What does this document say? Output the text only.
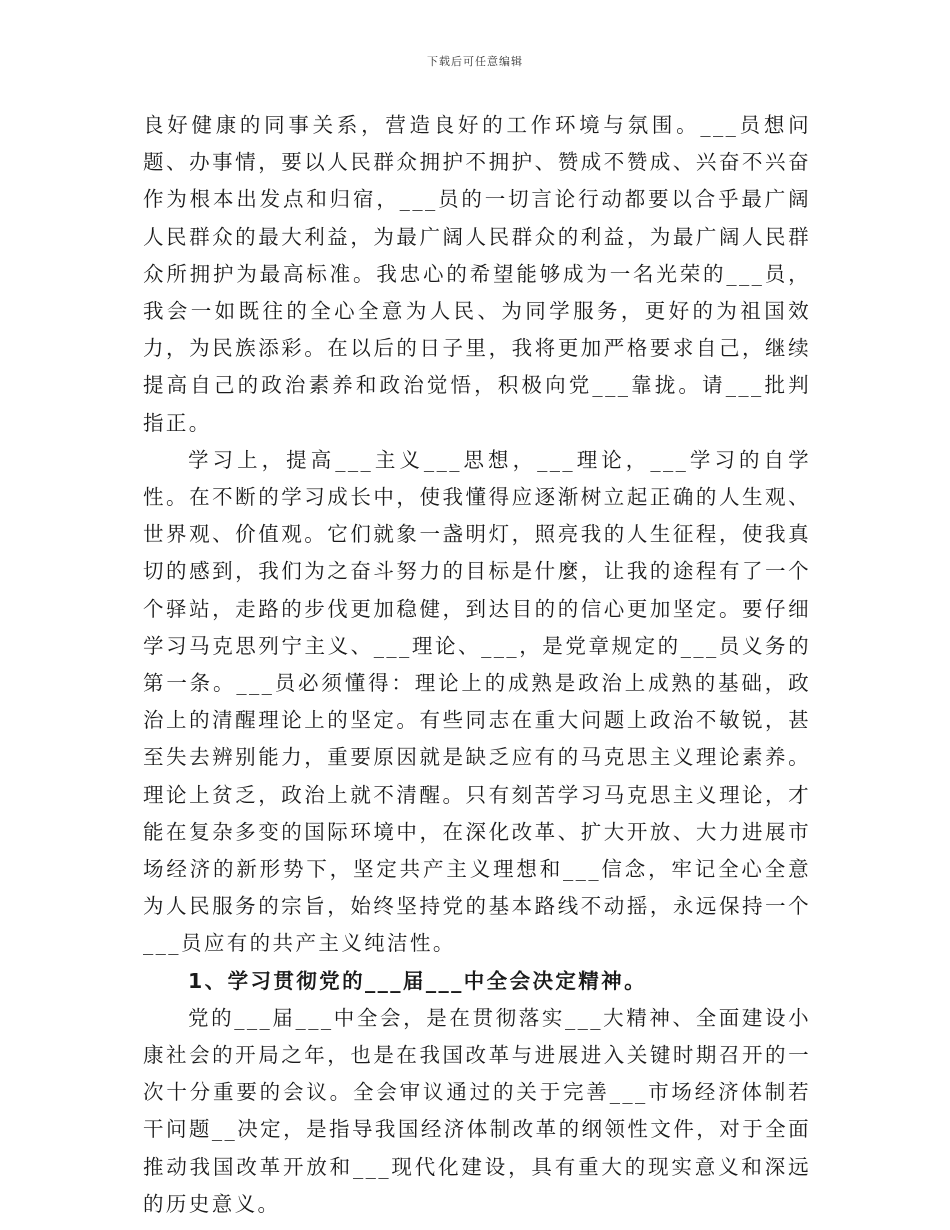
下载后可任意编辑

良好健康的同事关系，营造良好的工作环境与氛围。___员想问题、办事情，要以人民群众拥护不拥护、赞成不赞成、兴奋不兴奋作为根本出发点和归宿，___员的一切言论行动都要以合乎最广阔人民群众的最大利益，为最广阔人民群众的利益，为最广阔人民群众所拥护为最高标准。我忠心的希望能够成为一名光荣的___员，我会一如既往的全心全意为人民、为同学服务，更好的为祖国效力，为民族添彩。在以后的日子里，我将更加严格要求自己，继续提高自己的政治素养和政治觉悟，积极向党___靠拢。请___批判指正。

学习上，提高___主义___思想，___理论，___学习的自学性。在不断的学习成长中，使我懂得应逐渐树立起正确的人生观、世界观、价值观。它们就象一盏明灯，照亮我的人生征程，使我真切的感到，我们为之奋斗努力的目标是什麼，让我的途程有了一个个驿站，走路的步伐更加稳健，到达目的的信心更加坚定。要仔细学习马克思列宁主义、___理论、___，是党章规定的___员义务的第一条。___员必须懂得：理论上的成熟是政治上成熟的基础，政治上的清醒理论上的坚定。有些同志在重大问题上政治不敏锐，甚至失去辨别能力，重要原因就是缺乏应有的马克思主义理论素养。理论上贫乏，政治上就不清醒。只有刻苦学习马克思主义理论，才能在复杂多变的国际环境中，在深化改革、扩大开放、大力进展市场经济的新形势下，坚定共产主义理想和___信念，牢记全心全意为人民服务的宗旨，始终坚持党的基本路线不动摇，永远保持一个___员应有的共产主义纯洁性。

1、学习贯彻党的___届___中全会决定精神。

党的___届___中全会，是在贯彻落实___大精神、全面建设小康社会的开局之年，也是在我国改革与进展进入关键时期召开的一次十分重要的会议。全会审议通过的关于完善___市场经济体制若干问题__决定，是指导我国经济体制改革的纲领性文件，对于全面推动我国改革开放和___现代化建设，具有重大的现实意义和深远的历史意义。
